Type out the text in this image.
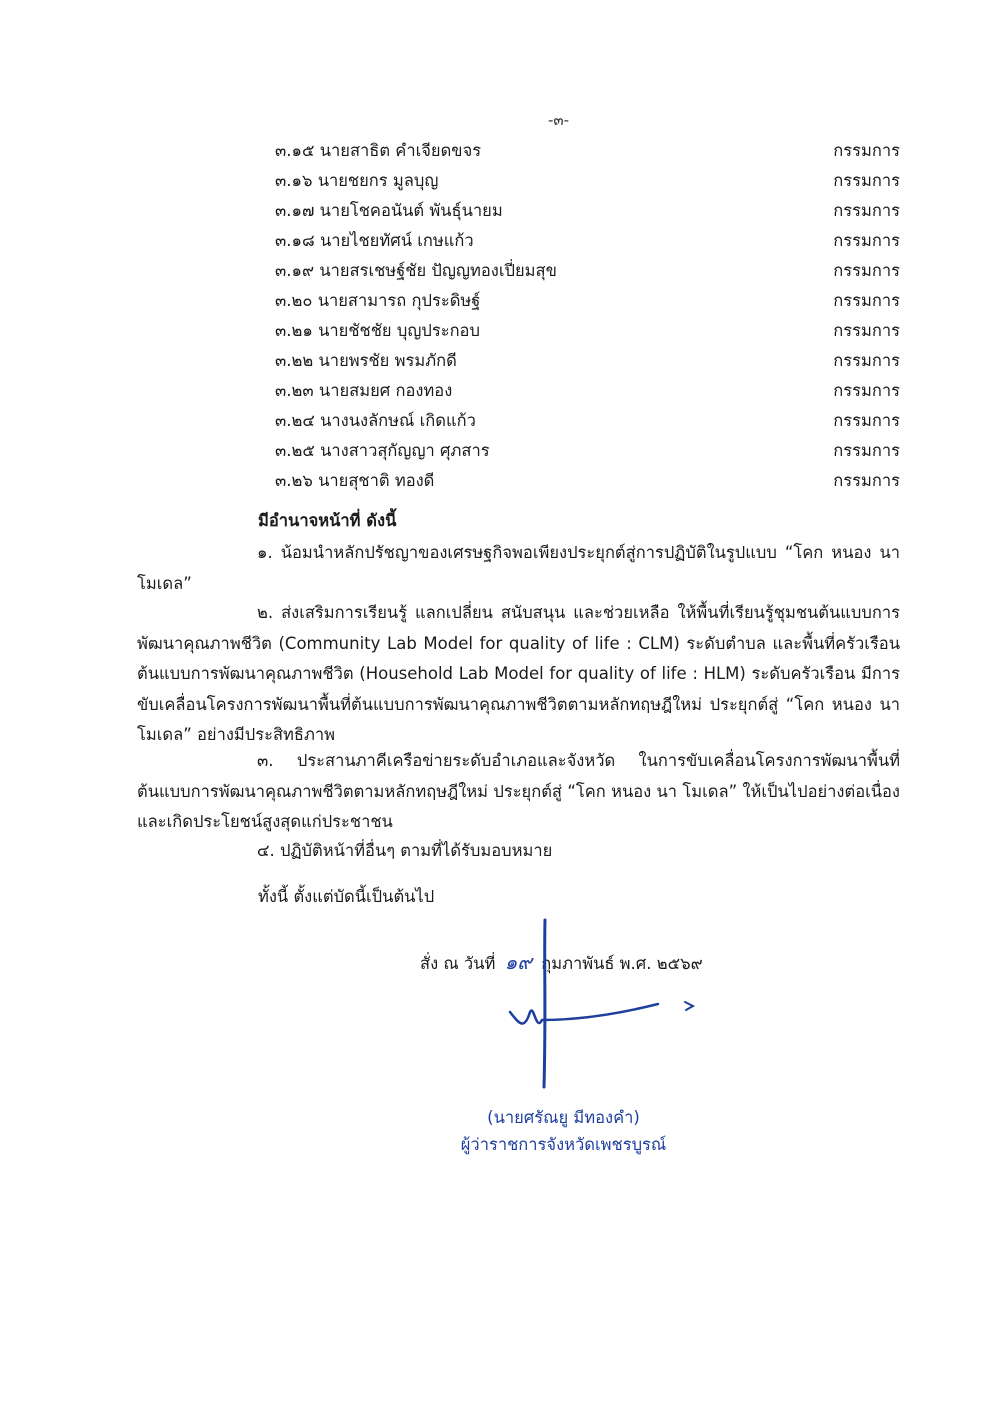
-๓-
๓.๑๕ นายสาธิต คำเจียดขจร	กรรมการ
๓.๑๖ นายชยกร มูลบุญ	กรรมการ
๓.๑๗ นายโชคอนันต์ พันธุ์นายม	กรรมการ
๓.๑๘ นายไชยทัศน์ เกษแก้ว	กรรมการ
๓.๑๙ นายสรเชษฐ์ชัย ปัญญทองเปี่ยมสุข	กรรมการ
๓.๒๐ นายสามารถ กุประดิษฐ์	กรรมการ
๓.๒๑ นายชัชชัย บุญประกอบ	กรรมการ
๓.๒๒ นายพรชัย พรมภักดี	กรรมการ
๓.๒๓ นายสมยศ กองทอง	กรรมการ
๓.๒๔ นางนงลักษณ์ เกิดแก้ว	กรรมการ
๓.๒๕ นางสาวสุกัญญา ศุภสาร	กรรมการ
๓.๒๖ นายสุชาติ ทองดี	กรรมการ
มีอำนาจหน้าที่ ดังนี้
๑. น้อมนำหลักปรัชญาของเศรษฐกิจพอเพียงประยุกต์สู่การปฏิบัติในรูปแบบ “โคก หนอง นา โมเดล”
๒. ส่งเสริมการเรียนรู้ แลกเปลี่ยน สนับสนุน และช่วยเหลือ ให้พื้นที่เรียนรู้ชุมชนต้นแบบการพัฒนาคุณภาพชีวิต (Community Lab Model for quality of life : CLM) ระดับตำบล และพื้นที่ครัวเรือนต้นแบบการพัฒนาคุณภาพชีวิต (Household Lab Model for quality of life : HLM) ระดับครัวเรือน มีการขับเคลื่อนโครงการพัฒนาพื้นที่ต้นแบบการพัฒนาคุณภาพชีวิตตามหลักทฤษฎีใหม่ ประยุกต์สู่ “โคก หนอง นา โมเดล” อย่างมีประสิทธิภาพ
๓. ประสานภาคีเครือข่ายระดับอำเภอและจังหวัด ในการขับเคลื่อนโครงการพัฒนาพื้นที่ต้นแบบการพัฒนาคุณภาพชีวิตตามหลักทฤษฎีใหม่ ประยุกต์สู่ “โคก หนอง นา โมเดล” ให้เป็นไปอย่างต่อเนื่องและเกิดประโยชน์สูงสุดแก่ประชาชน
๔. ปฏิบัติหน้าที่อื่นๆ ตามที่ได้รับมอบหมาย
ทั้งนี้ ตั้งแต่บัดนี้เป็นต้นไป
สั่ง ณ วันที่ ๑๙ กุมภาพันธ์ พ.ศ. ๒๕๖๙
(นายศรัณยู มีทองคำ)
ผู้ว่าราชการจังหวัดเพชรบูรณ์
